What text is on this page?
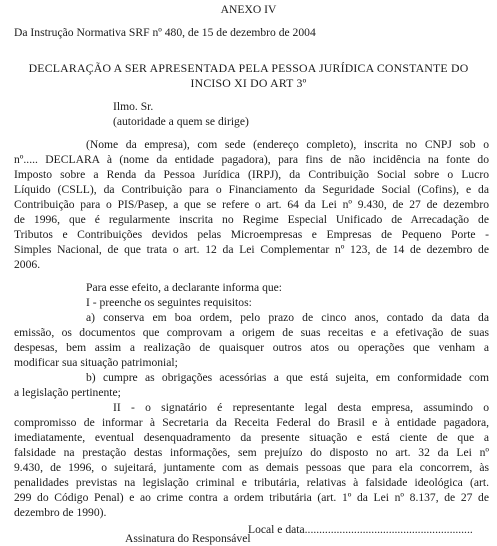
ANEXO IV
Da Instrução Normativa SRF nº 480, de 15 de dezembro de 2004
DECLARAÇÃO A SER APRESENTADA PELA PESSOA JURÍDICA CONSTANTE DO
INCISO XI DO ART 3º
Ilmo. Sr.
(autoridade a quem se dirige)
(Nome da empresa), com sede (endereço completo), inscrita no CNPJ sob o
nº..... DECLARA à (nome da entidade pagadora), para fins de não incidência na fonte do
Imposto sobre a Renda da Pessoa Jurídica (IRPJ), da Contribuição Social sobre o Lucro
Líquido (CSLL), da Contribuição para o Financiamento da Seguridade Social (Cofins), e da
Contribuição para o PIS/Pasep, a que se refere o art. 64 da Lei nº 9.430, de 27 de dezembro
de 1996, que é regularmente inscrita no Regime Especial Unificado de Arrecadação de
Tributos e Contribuições devidos pelas Microempresas e Empresas de Pequeno Porte -
Simples Nacional, de que trata o art. 12 da Lei Complementar nº 123, de 14 de dezembro de
2006.
Para esse efeito, a declarante informa que:
I - preenche os seguintes requisitos:
a) conserva em boa ordem, pelo prazo de cinco anos, contado da data da
emissão, os documentos que comprovam a origem de suas receitas e a efetivação de suas
despesas, bem assim a realização de quaisquer outros atos ou operações que venham a
modificar sua situação patrimonial;
b) cumpre as obrigações acessórias a que está sujeita, em conformidade com
a legislação pertinente;
II - o signatário é representante legal desta empresa, assumindo o
compromisso de informar à Secretaria da Receita Federal do Brasil e à entidade pagadora,
imediatamente, eventual desenquadramento da presente situação e está ciente de que a
falsidade na prestação destas informações, sem prejuízo do disposto no art. 32 da Lei nº
9.430, de 1996, o sujeitará, juntamente com as demais pessoas que para ela concorrem, às
penalidades previstas na legislação criminal e tributária, relativas à falsidade ideológica (art.
299 do Código Penal) e ao crime contra a ordem tributária (art. 1º da Lei nº 8.137, de 27 de
dezembro de 1990).
Local e data..........................................................
Assinatura do Responsável
